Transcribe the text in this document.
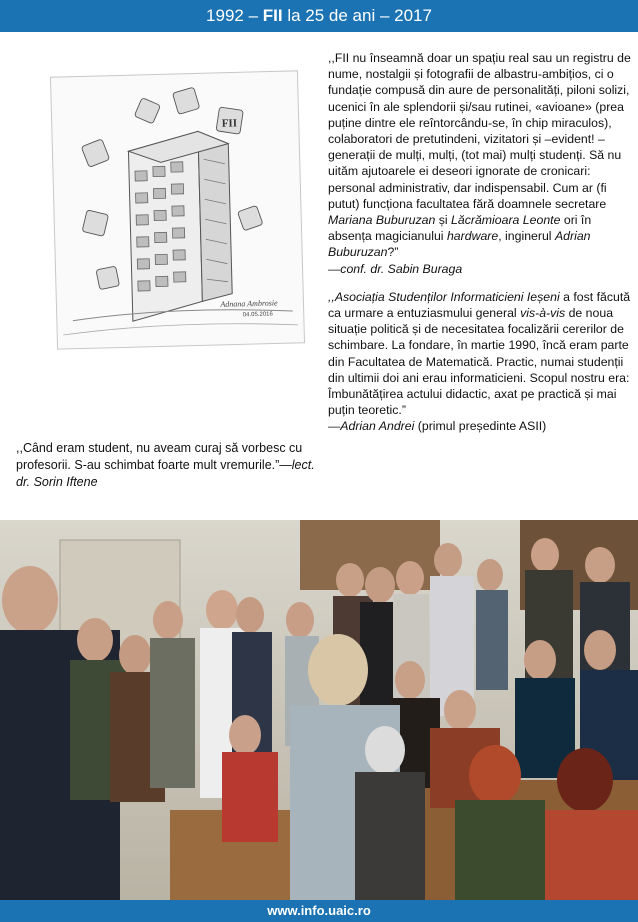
1992 – FII la 25 de ani – 2017
FII
Adnana Ambrosie
04.05.2016
,,Când eram student, nu aveam curaj să vorbesc cu profesorii. S-au schimbat foarte mult vremurile.”—lect. dr. Sorin Iftene

,,FII nu înseamnă doar un spațiu real sau un registru de nume, nostalgii și fotografii de albastru-ambițios, ci o fundație compusă din aure de personalități, piloni solizi, ucenici în ale splendorii și/sau rutinei, «avioane» (prea puține dintre ele reîntorcându-se, în chip miraculos), colaboratori de pretutindeni, vizitatori și –evident! – generații de mulți, mulți, (tot mai) mulți studenți. Să nu uităm ajutoarele ei deseori ignorate de cronicari: personal administrativ, dar indispensabil. Cum ar (fi putut) funcționa facultatea fără doamnele secretare Mariana Buburuzan și Lăcrămioara Leonte ori în absența magicianului hardware, inginerul Adrian Buburuzan?”
—conf. dr. Sabin Buraga

,,Asociația Studenților Informaticieni Ieșeni a fost făcută ca urmare a entuziasmului general vis-à-vis de noua situație politică și de necesitatea focalizării cererilor de schimbare. La fondare, în martie 1990, încă eram parte din Facultatea de Matematică. Practic, numai studenții din ultimii doi ani erau informaticieni. Scopul nostru era: Îmbunătățirea actului didactic, axat pe practică și mai puțin teoretic.”
—Adrian Andrei (primul președinte ASII)

www.info.uaic.ro
